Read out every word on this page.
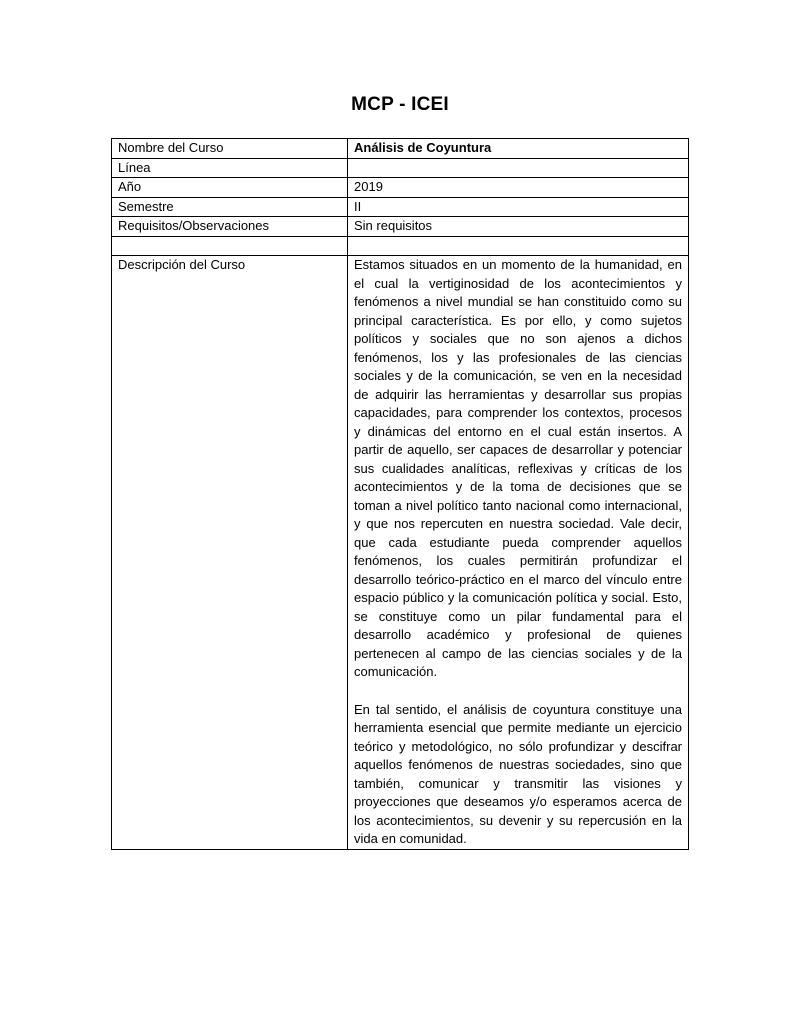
MCP - ICEI
Nombre del Curso	Análisis de Coyuntura
Línea	
Año	2019
Semestre	II
Requisitos/Observaciones	Sin requisitos

Descripción del Curso	Estamos situados en un momento de la humanidad, en el cual la vertiginosidad de los acontecimientos y fenómenos a nivel mundial se han constituido como su principal característica. Es por ello, y como sujetos políticos y sociales que no son ajenos a dichos fenómenos, los y las profesionales de las ciencias sociales y de la comunicación, se ven en la necesidad de adquirir las herramientas y desarrollar sus propias capacidades, para comprender los contextos, procesos y dinámicas del entorno en el cual están insertos. A partir de aquello, ser capaces de desarrollar y potenciar sus cualidades analíticas, reflexivas y críticas de los acontecimientos y de la toma de decisiones que se toman a nivel político tanto nacional como internacional, y que nos repercuten en nuestra sociedad. Vale decir, que cada estudiante pueda comprender aquellos fenómenos, los cuales permitirán profundizar el desarrollo teórico-práctico en el marco del vínculo entre espacio público y la comunicación política y social. Esto, se constituye como un pilar fundamental para el desarrollo académico y profesional de quienes pertenecen al campo de las ciencias sociales y de la comunicación.

En tal sentido, el análisis de coyuntura constituye una herramienta esencial que permite mediante un ejercicio teórico y metodológico, no sólo profundizar y descifrar aquellos fenómenos de nuestras sociedades, sino que también, comunicar y transmitir las visiones y proyecciones que deseamos y/o esperamos acerca de los acontecimientos, su devenir y su repercusión en la vida en comunidad.
